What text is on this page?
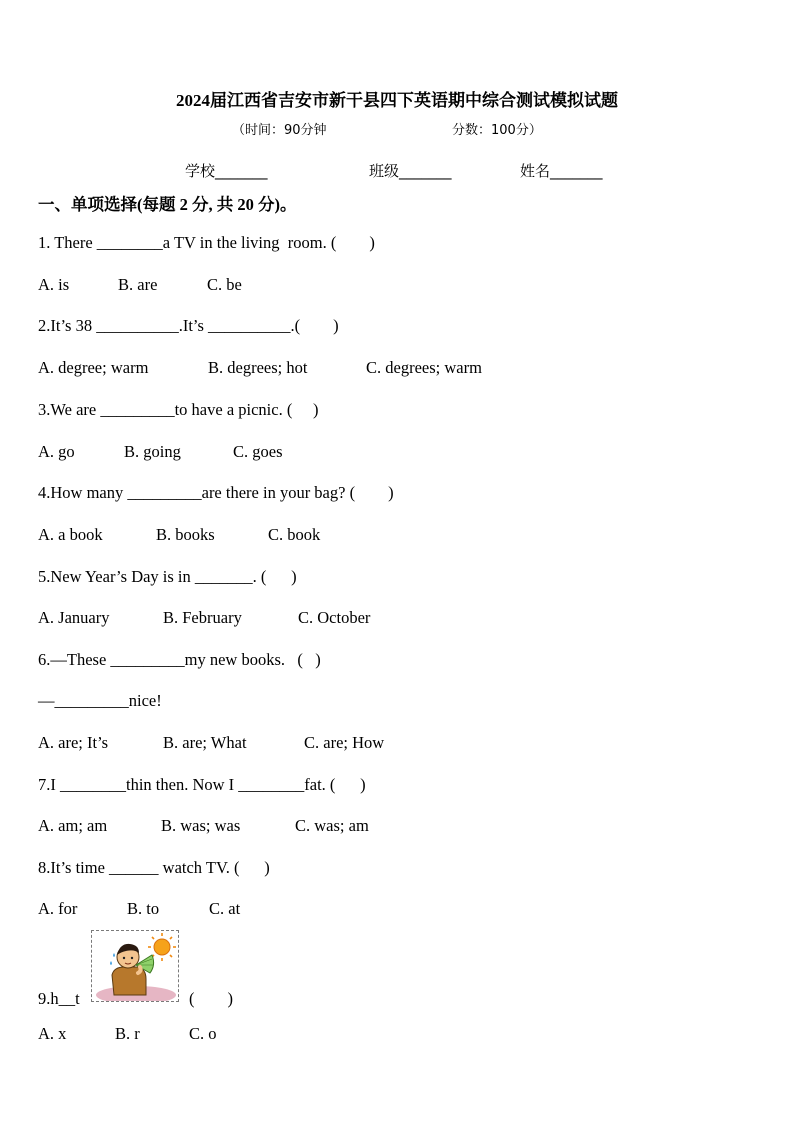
2024届江西省吉安市新干县四下英语期中综合测试模拟试题
（时间：90分钟	分数：100分）
学校_______	班级_______	姓名_______
一、单项选择(每题 2 分, 共 20 分)。
1. There ________a TV in the living  room. (        )
A. is	B. are	C. be
2.It’s 38 __________.It’s __________.(        )
A. degree; warm	B. degrees; hot	C. degrees; warm
3.We are _________to have a picnic. (     )
A. go	B. going	C. goes
4.How many _________are there in your bag? (        )
A. a book	B. books	C. book
5.New Year’s Day is in _______. (      )
A. January	B. February	C. October
6.—These _________my new books.   (   )
—_________nice!
A. are; It’s	B. are; What	C. are; How
7.I ________thin then. Now I ________fat. (      )
A. am; am	B. was; was	C. was; am
8.It’s time ______ watch TV. (      )
A. for	B. to	C. at
9.h__t	(        )
A. x	B. r	C. o
